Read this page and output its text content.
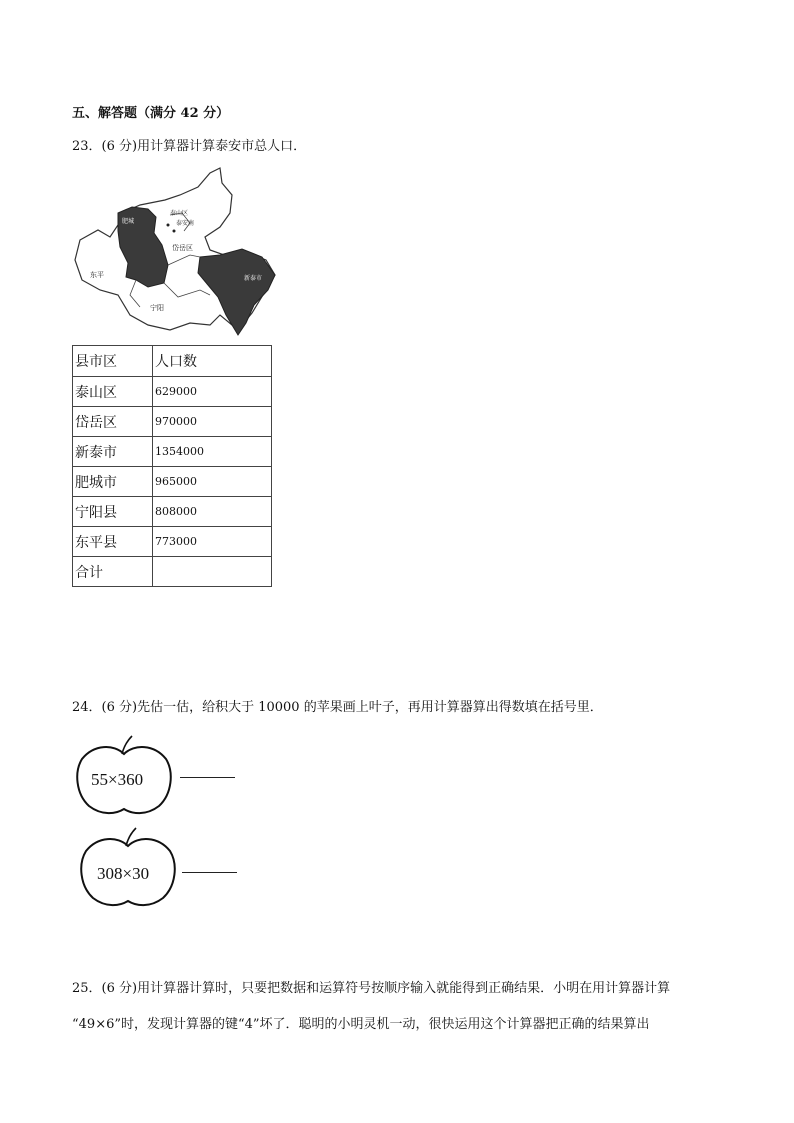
五、解答题（满分 42 分）
23．(6 分)用计算器计算泰安市总人口．
肥城
泰山区
泰安南
岱岳区
东平	新泰市
宁阳
县市区	人口数
泰山区	629000
岱岳区	970000
新泰市	1354000
肥城市	965000
宁阳县	808000
东平县	773000
合计	
24．(6 分)先估一估，给积大于 10000 的苹果画上叶子，再用计算器算出得数填在括号里．
55×360
308×30
25．(6 分)用计算器计算时，只要把数据和运算符号按顺序输入就能得到正确结果．小明在用计算器计算
“49×6”时，发现计算器的键“4”坏了．聪明的小明灵机一动，很快运用这个计算器把正确的结果算出
